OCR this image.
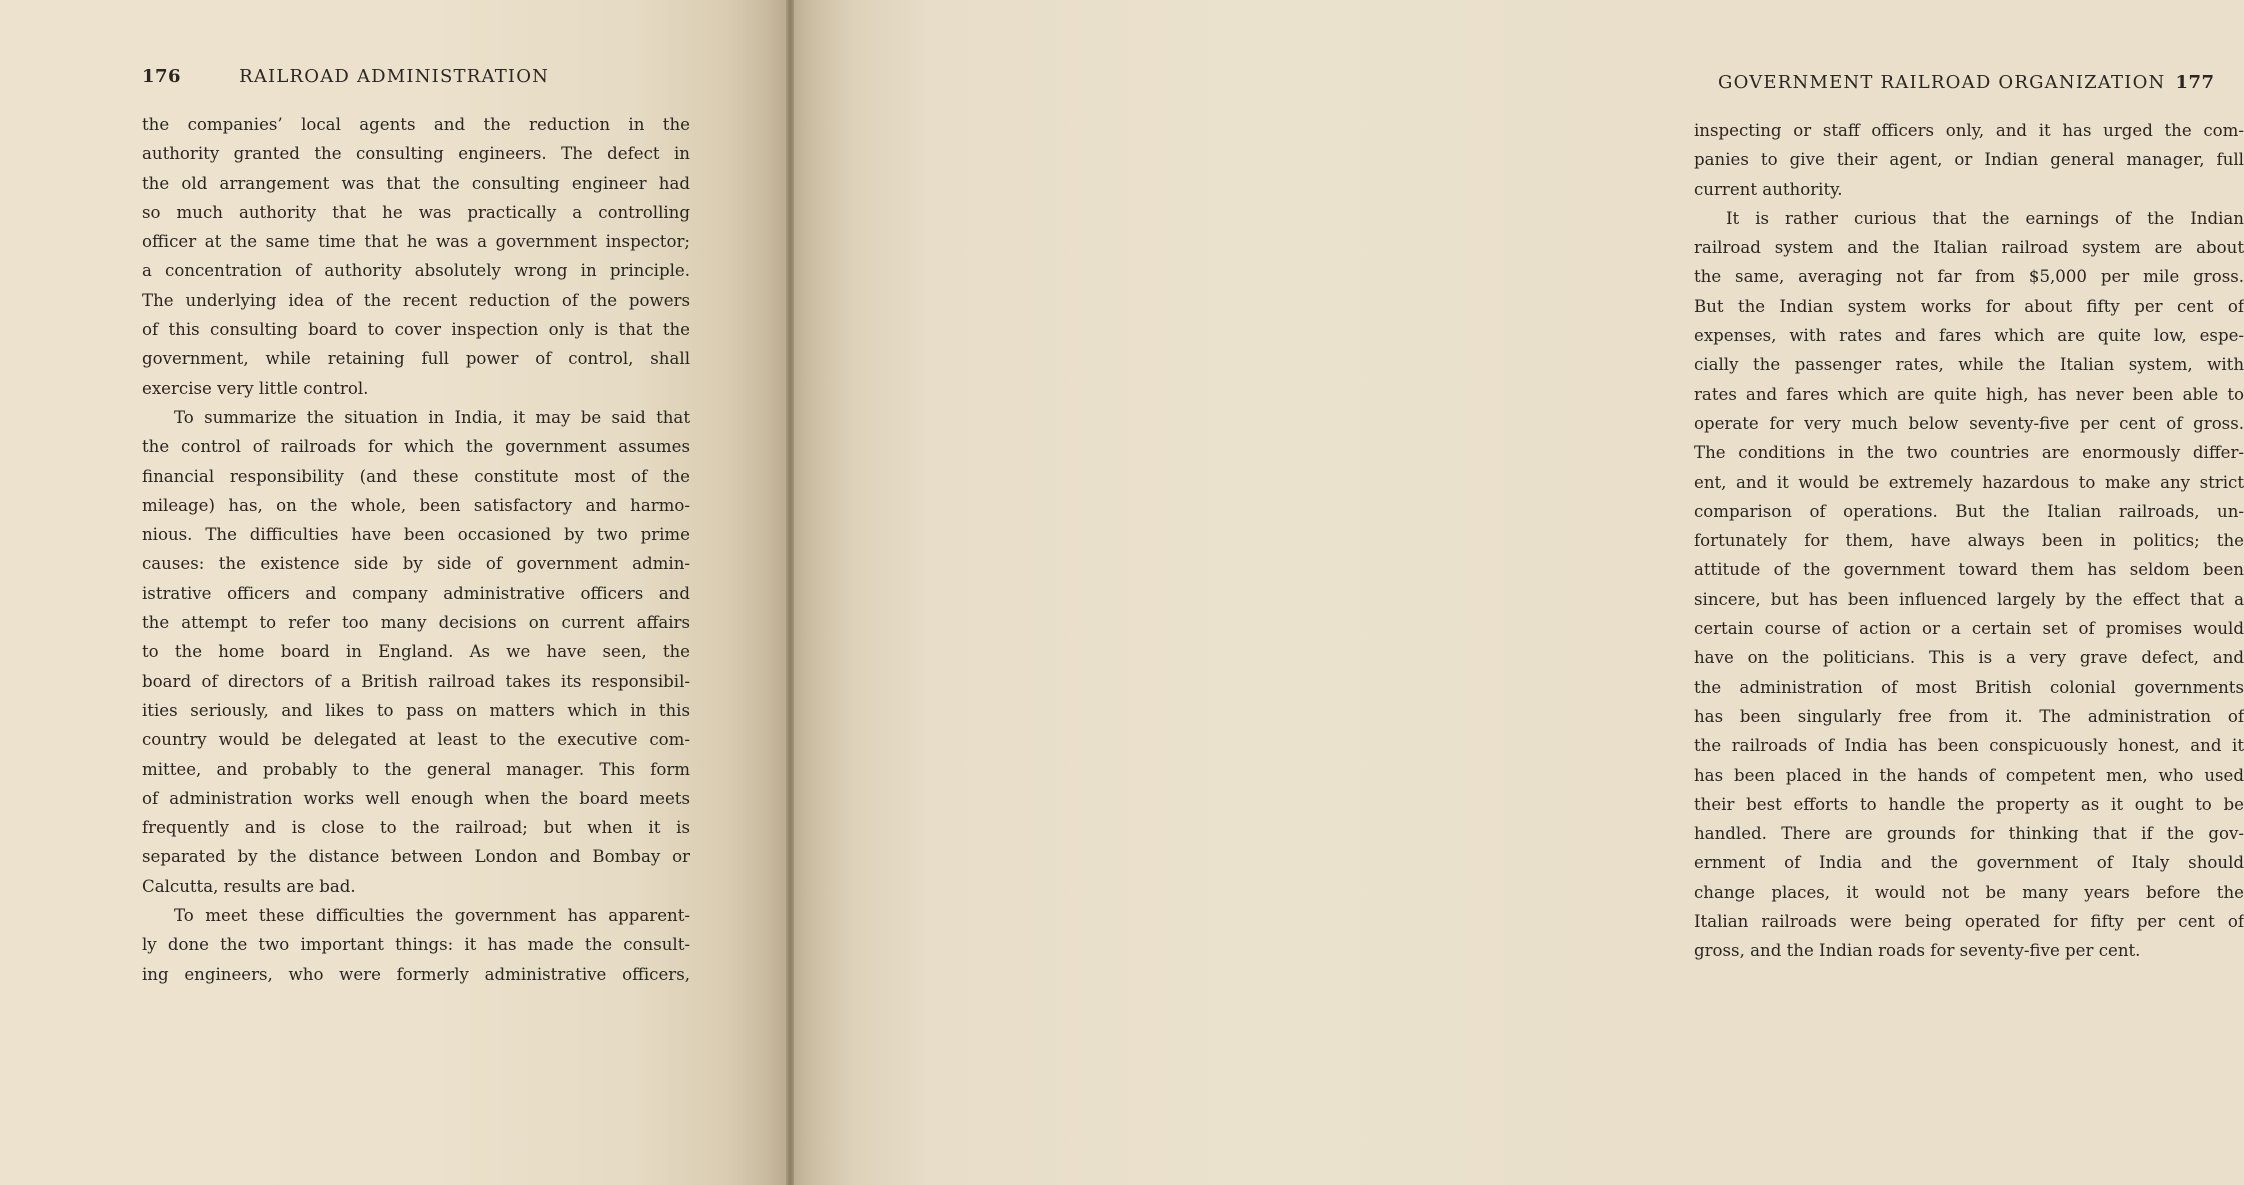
176	RAILROAD ADMINISTRATION
the companies’ local agents and the reduction in the
authority granted the consulting engineers. The defect in
the old arrangement was that the consulting engineer had
so much authority that he was practically a controlling
officer at the same time that he was a government inspector;
a concentration of authority absolutely wrong in principle.
The underlying idea of the recent reduction of the powers
of this consulting board to cover inspection only is that the
government, while retaining full power of control, shall
exercise very little control.
To summarize the situation in India, it may be said that
the control of railroads for which the government assumes
financial responsibility (and these constitute most of the
mileage) has, on the whole, been satisfactory and harmo-
nious. The difficulties have been occasioned by two prime
causes: the existence side by side of government admin-
istrative officers and company administrative officers and
the attempt to refer too many decisions on current affairs
to the home board in England. As we have seen, the
board of directors of a British railroad takes its responsibil-
ities seriously, and likes to pass on matters which in this
country would be delegated at least to the executive com-
mittee, and probably to the general manager. This form
of administration works well enough when the board meets
frequently and is close to the railroad; but when it is
separated by the distance between London and Bombay or
Calcutta, results are bad.
To meet these difficulties the government has apparent-
ly done the two important things: it has made the consult-
ing engineers, who were formerly administrative officers,
GOVERNMENT RAILROAD ORGANIZATION 177
inspecting or staff officers only, and it has urged the com-
panies to give their agent, or Indian general manager, full
current authority.
It is rather curious that the earnings of the Indian
railroad system and the Italian railroad system are about
the same, averaging not far from $5,000 per mile gross.
But the Indian system works for about fifty per cent of
expenses, with rates and fares which are quite low, espe-
cially the passenger rates, while the Italian system, with
rates and fares which are quite high, has never been able to
operate for very much below seventy-five per cent of gross.
The conditions in the two countries are enormously differ-
ent, and it would be extremely hazardous to make any strict
comparison of operations. But the Italian railroads, un-
fortunately for them, have always been in politics; the
attitude of the government toward them has seldom been
sincere, but has been influenced largely by the effect that a
certain course of action or a certain set of promises would
have on the politicians. This is a very grave defect, and
the administration of most British colonial governments
has been singularly free from it. The administration of
the railroads of India has been conspicuously honest, and it
has been placed in the hands of competent men, who used
their best efforts to handle the property as it ought to be
handled. There are grounds for thinking that if the gov-
ernment of India and the government of Italy should
change places, it would not be many years before the
Italian railroads were being operated for fifty per cent of
gross, and the Indian roads for seventy-five per cent.
